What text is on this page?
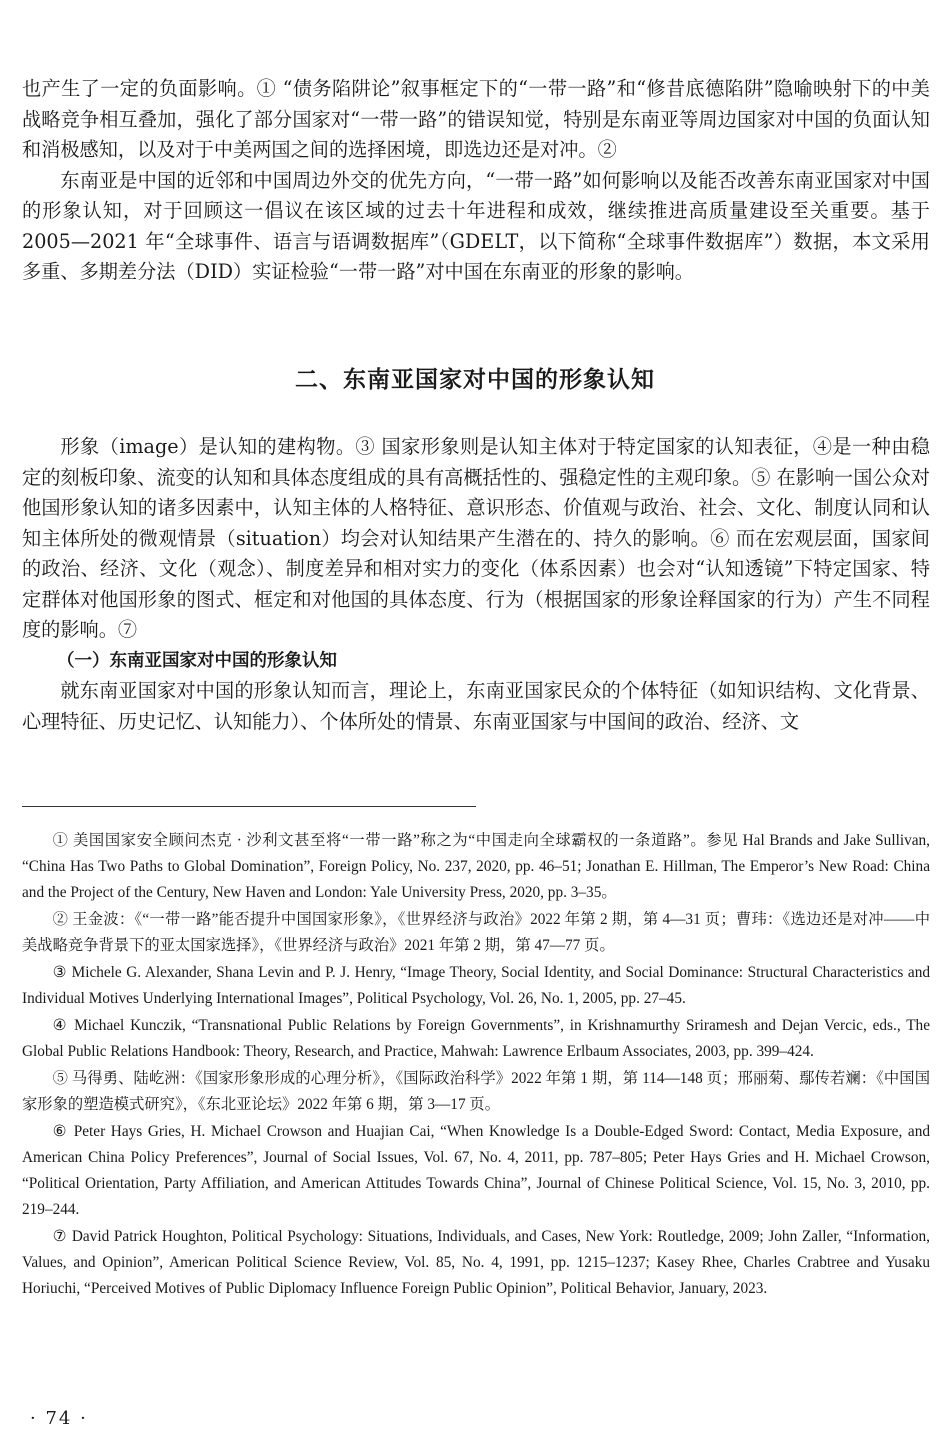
也产生了一定的负面影响。① “债务陷阱论”叙事框定下的“一带一路”和“修昔底德陷阱”隐喻映射下的中美战略竞争相互叠加，强化了部分国家对“一带一路”的错误知觉，特别是东南亚等周边国家对中国的负面认知和消极感知，以及对于中美两国之间的选择困境，即选边还是对冲。②

东南亚是中国的近邻和中国周边外交的优先方向，“一带一路”如何影响以及能否改善东南亚国家对中国的形象认知，对于回顾这一倡议在该区域的过去十年进程和成效，继续推进高质量建设至关重要。基于 2005—2021 年“全球事件、语言与语调数据库”（GDELT，以下简称“全球事件数据库”）数据，本文采用多重、多期差分法（DID）实证检验“一带一路”对中国在东南亚的形象的影响。

二、东南亚国家对中国的形象认知

形象（image）是认知的建构物。③ 国家形象则是认知主体对于特定国家的认知表征，④是一种由稳定的刻板印象、流变的认知和具体态度组成的具有高概括性的、强稳定性的主观印象。⑤ 在影响一国公众对他国形象认知的诸多因素中，认知主体的人格特征、意识形态、价值观与政治、社会、文化、制度认同和认知主体所处的微观情景（situation）均会对认知结果产生潜在的、持久的影响。⑥ 而在宏观层面，国家间的政治、经济、文化（观念）、制度差异和相对实力的变化（体系因素）也会对“认知透镜”下特定国家、特定群体对他国形象的图式、框定和对他国的具体态度、行为（根据国家的形象诠释国家的行为）产生不同程度的影响。⑦

（一）东南亚国家对中国的形象认知

就东南亚国家对中国的形象认知而言，理论上，东南亚国家民众的个体特征（如知识结构、文化背景、心理特征、历史记忆、认知能力）、个体所处的情景、东南亚国家与中国间的政治、经济、文

① 美国国家安全顾问杰克 · 沙利文甚至将“一带一路”称之为“中国走向全球霸权的一条道路”。参见 Hal Brands and Jake Sullivan, “China Has Two Paths to Global Domination”, Foreign Policy, No. 237, 2020, pp. 46–51; Jonathan E. Hillman, The Emperor’s New Road: China and the Project of the Century, New Haven and London: Yale University Press, 2020, pp. 3–35。

② 王金波：《“一带一路”能否提升中国国家形象》，《世界经济与政治》2022 年第 2 期，第 4—31 页；曹玮：《选边还是对冲——中美战略竞争背景下的亚太国家选择》，《世界经济与政治》2021 年第 2 期，第 47—77 页。

③ Michele G. Alexander, Shana Levin and P. J. Henry, “Image Theory, Social Identity, and Social Dominance: Structural Characteristics and Individual Motives Underlying International Images”, Political Psychology, Vol. 26, No. 1, 2005, pp. 27–45.

④ Michael Kunczik, “Transnational Public Relations by Foreign Governments”, in Krishnamurthy Sriramesh and Dejan Vercic, eds., The Global Public Relations Handbook: Theory, Research, and Practice, Mahwah: Lawrence Erlbaum Associates, 2003, pp. 399–424.

⑤ 马得勇、陆屹洲：《国家形象形成的心理分析》，《国际政治科学》2022 年第 1 期，第 114—148 页；邢丽菊、鄢传若斓：《中国国家形象的塑造模式研究》，《东北亚论坛》2022 年第 6 期，第 3—17 页。

⑥ Peter Hays Gries, H. Michael Crowson and Huajian Cai, “When Knowledge Is a Double-Edged Sword: Contact, Media Exposure, and American China Policy Preferences”, Journal of Social Issues, Vol. 67, No. 4, 2011, pp. 787–805; Peter Hays Gries and H. Michael Crowson, “Political Orientation, Party Affiliation, and American Attitudes Towards China”, Journal of Chinese Political Science, Vol. 15, No. 3, 2010, pp. 219–244.

⑦ David Patrick Houghton, Political Psychology: Situations, Individuals, and Cases, New York: Routledge, 2009; John Zaller, “Information, Values, and Opinion”, American Political Science Review, Vol. 85, No. 4, 1991, pp. 1215–1237; Kasey Rhee, Charles Crabtree and Yusaku Horiuchi, “Perceived Motives of Public Diplomacy Influence Foreign Public Opinion”, Political Behavior, January, 2023.

· 74 ·
